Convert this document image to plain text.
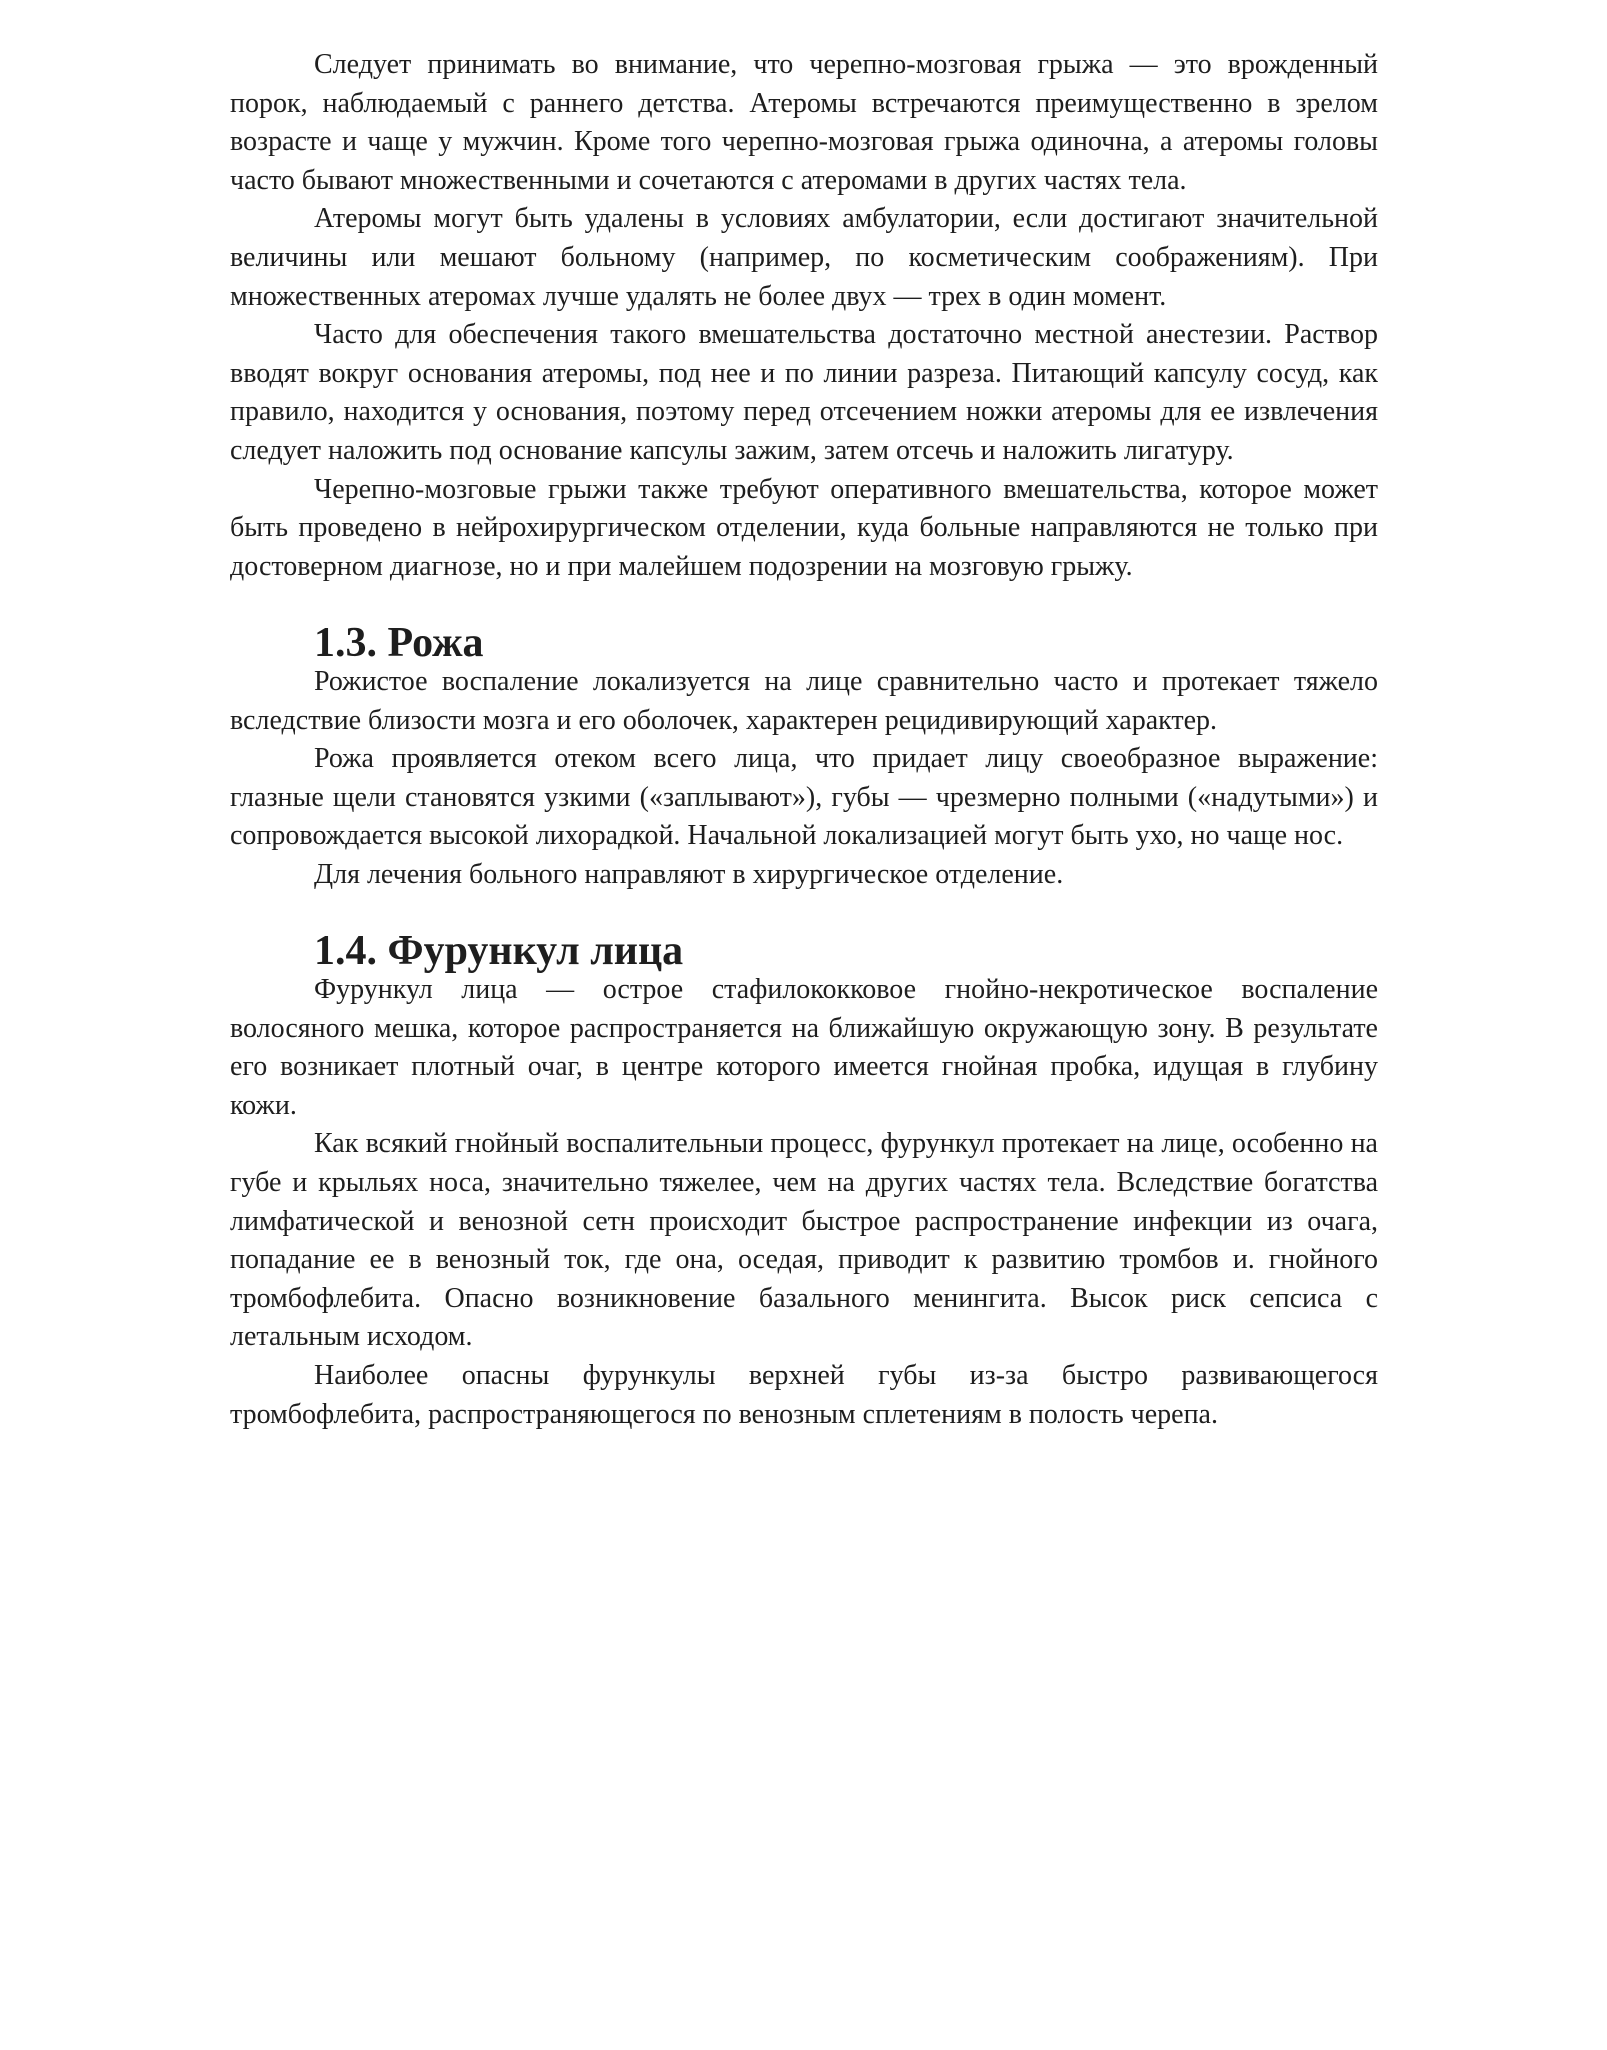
Следует принимать во внимание, что черепно-мозговая грыжа — это врожденный порок, наблюдаемый с раннего детства. Атеромы встречаются преимущественно в зрелом возрасте и чаще у мужчин. Кроме того черепно-мозговая грыжа одиночна, а атеромы головы часто бывают множественными и сочетаются с атеромами в других частях тела.

Атеромы могут быть удалены в условиях амбулатории, если достигают значительной величины или мешают больному (например, по косметическим соображениям). При множественных атеромах лучше удалять не более двух — трех в один момент.

Часто для обеспечения такого вмешательства достаточно местной анестезии. Раствор вводят вокруг основания атеромы, под нее и по линии разреза. Питающий капсулу сосуд, как правило, находится у основания, поэтому перед отсечением ножки атеромы для ее извлечения следует наложить под основание капсулы зажим, затем отсечь и наложить лигатуру.

Черепно-мозговые грыжи также требуют оперативного вмешательства, которое может быть проведено в нейрохирургическом отделении, куда больные направляются не только при достоверном диагнозе, но и при малейшем подозрении на мозговую грыжу.

1.3. Рожа

Рожистое воспаление локализуется на лице сравнительно часто и протекает тяжело вследствие близости мозга и его оболочек, характерен рецидивирующий характер.

Рожа проявляется отеком всего лица, что придает лицу своеобразное выражение: глазные щели становятся узкими («заплывают»), губы — чрезмерно полными («надутыми») и сопровождается высокой лихорадкой. Начальной локализацией могут быть ухо, но чаще нос.

Для лечения больного направляют в хирургическое отделение.

1.4. Фурункул лица

Фурункул лица — острое стафилококковое гнойно-некротическое воспаление волосяного мешка, которое распространяется на ближайшую окружающую зону. В результате его возникает плотный очаг, в центре которого имеется гнойная пробка, идущая в глубину кожи.

Как всякий гнойный воспалительныи процесс, фурункул протекает на лице, особенно на губе и крыльях носа, значительно тяжелее, чем на других частях тела. Вследствие богатства лимфатической и венозной сетн происходит быстрое распространение инфекции из очага, попадание ее в венозный ток, где она, оседая, приводит к развитию тромбов и. гнойного тромбофлебита. Опасно возникновение базального менингита. Высок риск сепсиса с летальным исходом.

Наиболее опасны фурункулы верхней губы из-за быстро развивающегося тромбофлебита, распространяющегося по венозным сплетениям в полость черепа.
